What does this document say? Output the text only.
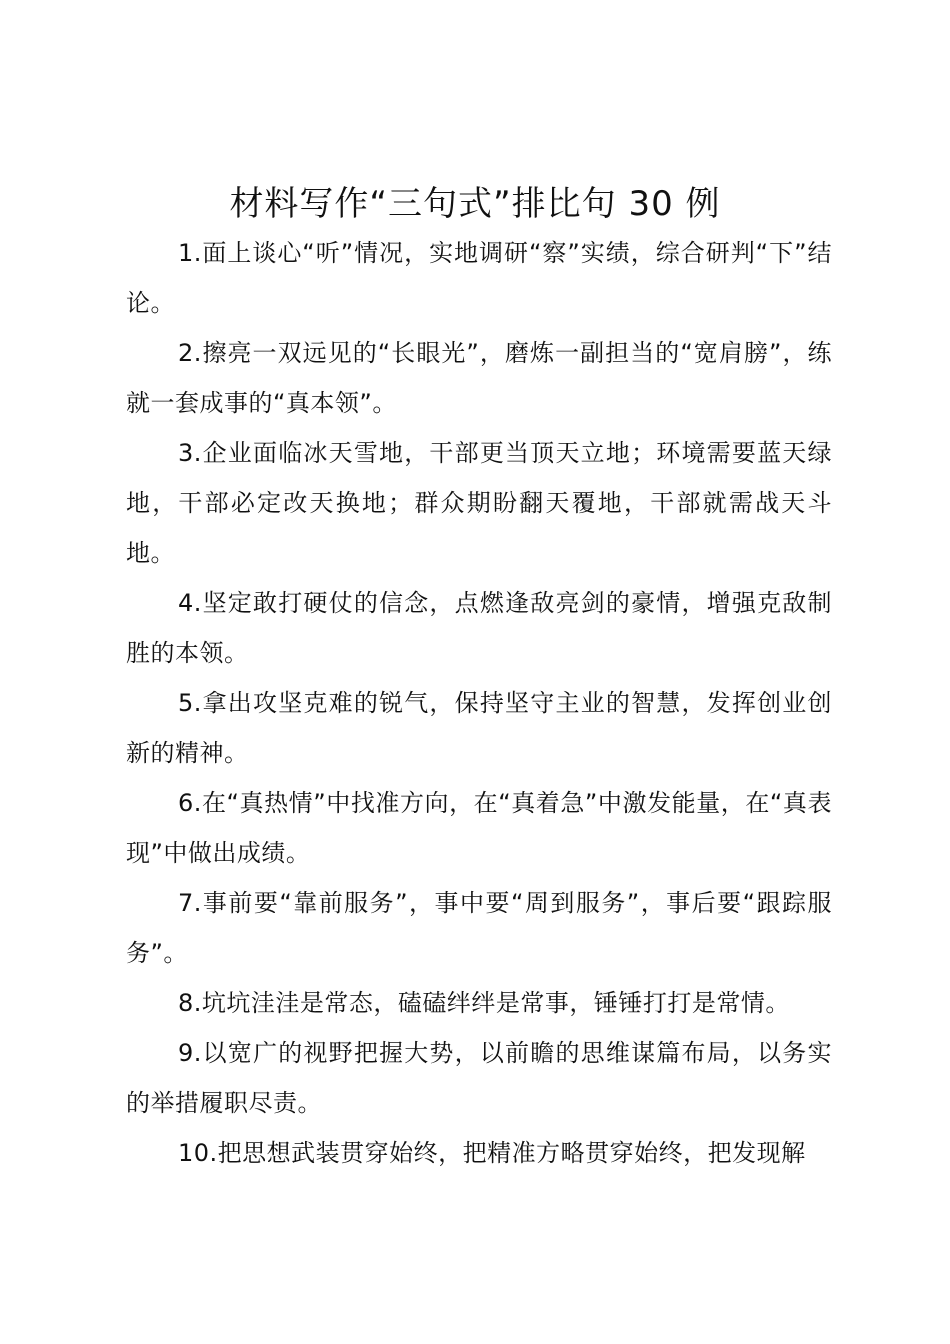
材料写作“三句式”排比句 30 例

1.面上谈心“听”情况，实地调研“察”实绩，综合研判“下”结论。

2.擦亮一双远见的“长眼光”，磨炼一副担当的“宽肩膀”，练就一套成事的“真本领”。

3.企业面临冰天雪地，干部更当顶天立地；环境需要蓝天绿地，干部必定改天换地；群众期盼翻天覆地，干部就需战天斗地。

4.坚定敢打硬仗的信念，点燃逢敌亮剑的豪情，增强克敌制胜的本领。

5.拿出攻坚克难的锐气，保持坚守主业的智慧，发挥创业创新的精神。

6.在“真热情”中找准方向，在“真着急”中激发能量，在“真表现”中做出成绩。

7.事前要“靠前服务”，事中要“周到服务”，事后要“跟踪服务”。

8.坑坑洼洼是常态，磕磕绊绊是常事，锤锤打打是常情。

9.以宽广的视野把握大势，以前瞻的思维谋篇布局，以务实的举措履职尽责。

10.把思想武装贯穿始终，把精准方略贯穿始终，把发现解
